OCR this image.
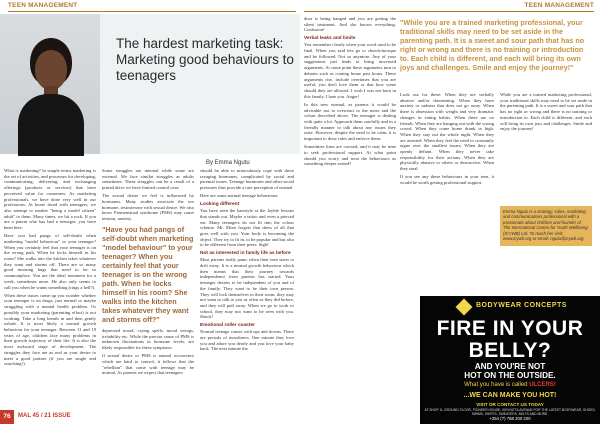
TEEN MANAGEMENT
The hardest marketing task: Marketing good behaviours to teenagers
By Emma Ngutu

What is marketing? In simple terms marketing is the set of activities, and processes for developing, communicating, delivering, and exchanging offerings (products or services) that have perceived value for customers. As marketing professionals, we have done very well in our professions. At home faced with teenagers, we also attempt to market "being a model citizen" adult" to them. Many times, we hit a rock. If you are a parent who has had a teenager, you have been here.

Have you had pangs of self-doubt when marketing "model behaviour" to your teenager? When you certainly feel that your teenager is on the wrong path. When he locks himself in his room? She walks into the kitchen takes whatever they want and storms off. There are so many good morning hugs that need to be so commonplace. You are the ideal treatment for a week, sometimes more. He also only seems to call you when he wants something (rings a bell?).

When these issues come up you wonder whether your teenager is on drugs, just normal or maybe struggling with a mental health problem. Or possibly your marketing (parenting effort) is not working. Take a long breath in and then gently exhale. It is most likely a normal growth behaviour for your teenager. Between 11 and 19 years of age, children face many problems in their growth trajectory of their life. It is also the most awkward stage of development. The struggles they face are as real as your desire to meet a good partner (if you are single and searching!).

Some struggles are internal while some are external. We face similar struggles as adults sometimes. These struggles can be a result of a primal drive we have limited control over.

The sexual desire we feel is influenced by hormones. Many studies associate the sex hormone, testosterone with sexual desire. We also know Premenstrual syndrome (PMS) may cause tension, anxiety,

"Have you had pangs of self-doubt when marketing "model behaviour" to your teenager? When you certainly feel that your teenager is on the wrong path. When he locks himself in his room? She walks into the kitchen takes whatever they want and storms off?"

depressed mood, crying spells, mood swings, irritability etc. While the precise cause of PMS is unknown fluctuations in hormone levels, are likely responsible for these symptoms.

If sexual desire or PMS is natural occurrence which are hard to control, it follows that the "rebellion" that come with teenage may be normal. As parents we expect that teenagers

should be able to miraculously cope with these ravaging hormones, complicated by social and parental issues. Teenage hormones and other social pressures thus provide a rare perception of normal.

Here are some normal teenage behaviours:

Looking different

You have seen the hairstyle at the Jayble lessons that stands out. Maybe a tattoo and even a pierced ear. Many teenagers do not fit into the colour scheme. Mr. Mom forgets that dress of all that goes well with you. Your body is becoming the object. They try to fit in, to be popular and but also to be different from their peers. Sigh!

Not as interested in family life as before

Most parents really panic when their teen starts to drift away. It is a normal growth behaviour which then means that their journey towards independence from parents has started. Your teenager desires to be independent of you and of the family. They want to be their own person. They will lock themselves in their room, they may not want to talk to you as often as they did before, and they will pull away. When we go to work or school, they may not want to be seen with you. Shock!

Emotional roller coaster

Normal teenage comes with ups and downs. There are periods of moodiness. One minute they love you and adore you dearly and you love your baby back. The next minute the

76	MAL 45 / 21 ISSUE
TEEN MANAGEMENT

door is being banged and you are getting the silent treatment. And she knows everything. Confusion!

Verbal leaks and limits

You remember clearly when your word used to be final. When you said lets go to church/mosque and be followed. Not so anymore. Any of your suggestions just leads to bring increased arguments. At some point these arguments turn to debates such as coming home past hours. These arguments rise, include overtimes that you are useful, you don't love them or that how come should they are allowed. I wish I was not born in this family. I hate you. Anger!

In this new normal, as parents it would be advisable not to overreact to the noise and the colour described above. The teenager is dealing with quite a lot. Approach them carefully and in a friendly manner to talk about any issues they raise. However, despite the need to be calm, it is important to draw rules and enforce them.

Sometimes lines are crossed, and it may be time to seek professional support. At what point should you worry and treat the behaviours as something deeper seated?

"While you are a trained marketing professional, your traditional skills may need to be set aside in the parenting path. It is a sweet and sour path that has no right or wrong and there is no training or introduction to. Each child is different, and each will bring its own joys and challenges. Smile and enjoy the journey!"

Look out for these: When they are verbally abusive and/or threatening. When they have anxiety or sadness that does not go away. When there is obsession with weight and very dramatic changes in eating habits. When there are no friends. When they are hanging out with the wrong crowd. When they come home drunk or high. When they stay out the whole night. When they are arrested. When they feel the need to constantly argue over the smallest issues. When they are openly defiant. When they never take responsibility for their actions. When they are physically abusive to others or destructive. When they steal.

If you see any these behaviours in your teen, it would be worth getting professional support.

While you are a trained marketing professional, your traditional skills may need to be set aside in the parenting path. It is a sweet and sour path that has no right or wrong and there is no training or introduction to. Each child is different, and each will bring its own joys and challenges. Smile and enjoy the journey!

Emma Ngutu is a strategy, sales, marketing and communications professional with a passionate about children and founder of The International Centre for Youth Wellbeing (ICYWB) Ltd. To reach her visit: www.icywb.org or email: ngutu@icywb.org
BODYWEAR CONCEPTS
FIRE IN YOUR
BELLY?
AND YOU'RE NOT
HOT ON THE OUTSIDE.
What you have is called ULCERS!
...WE CAN MAKE YOU HOT!
VISIT OR CONTACT US TODAY
AT SHOP 1L GROUND FLOOR, PIONEER HOUSE, KENYATTA AVENUE FOR THE LATEST BODYWEAR, SHOES, SWIMS, SHIRTS, SWEATERS, BELTS AND MORE.
+254 (7) 768 200 200
